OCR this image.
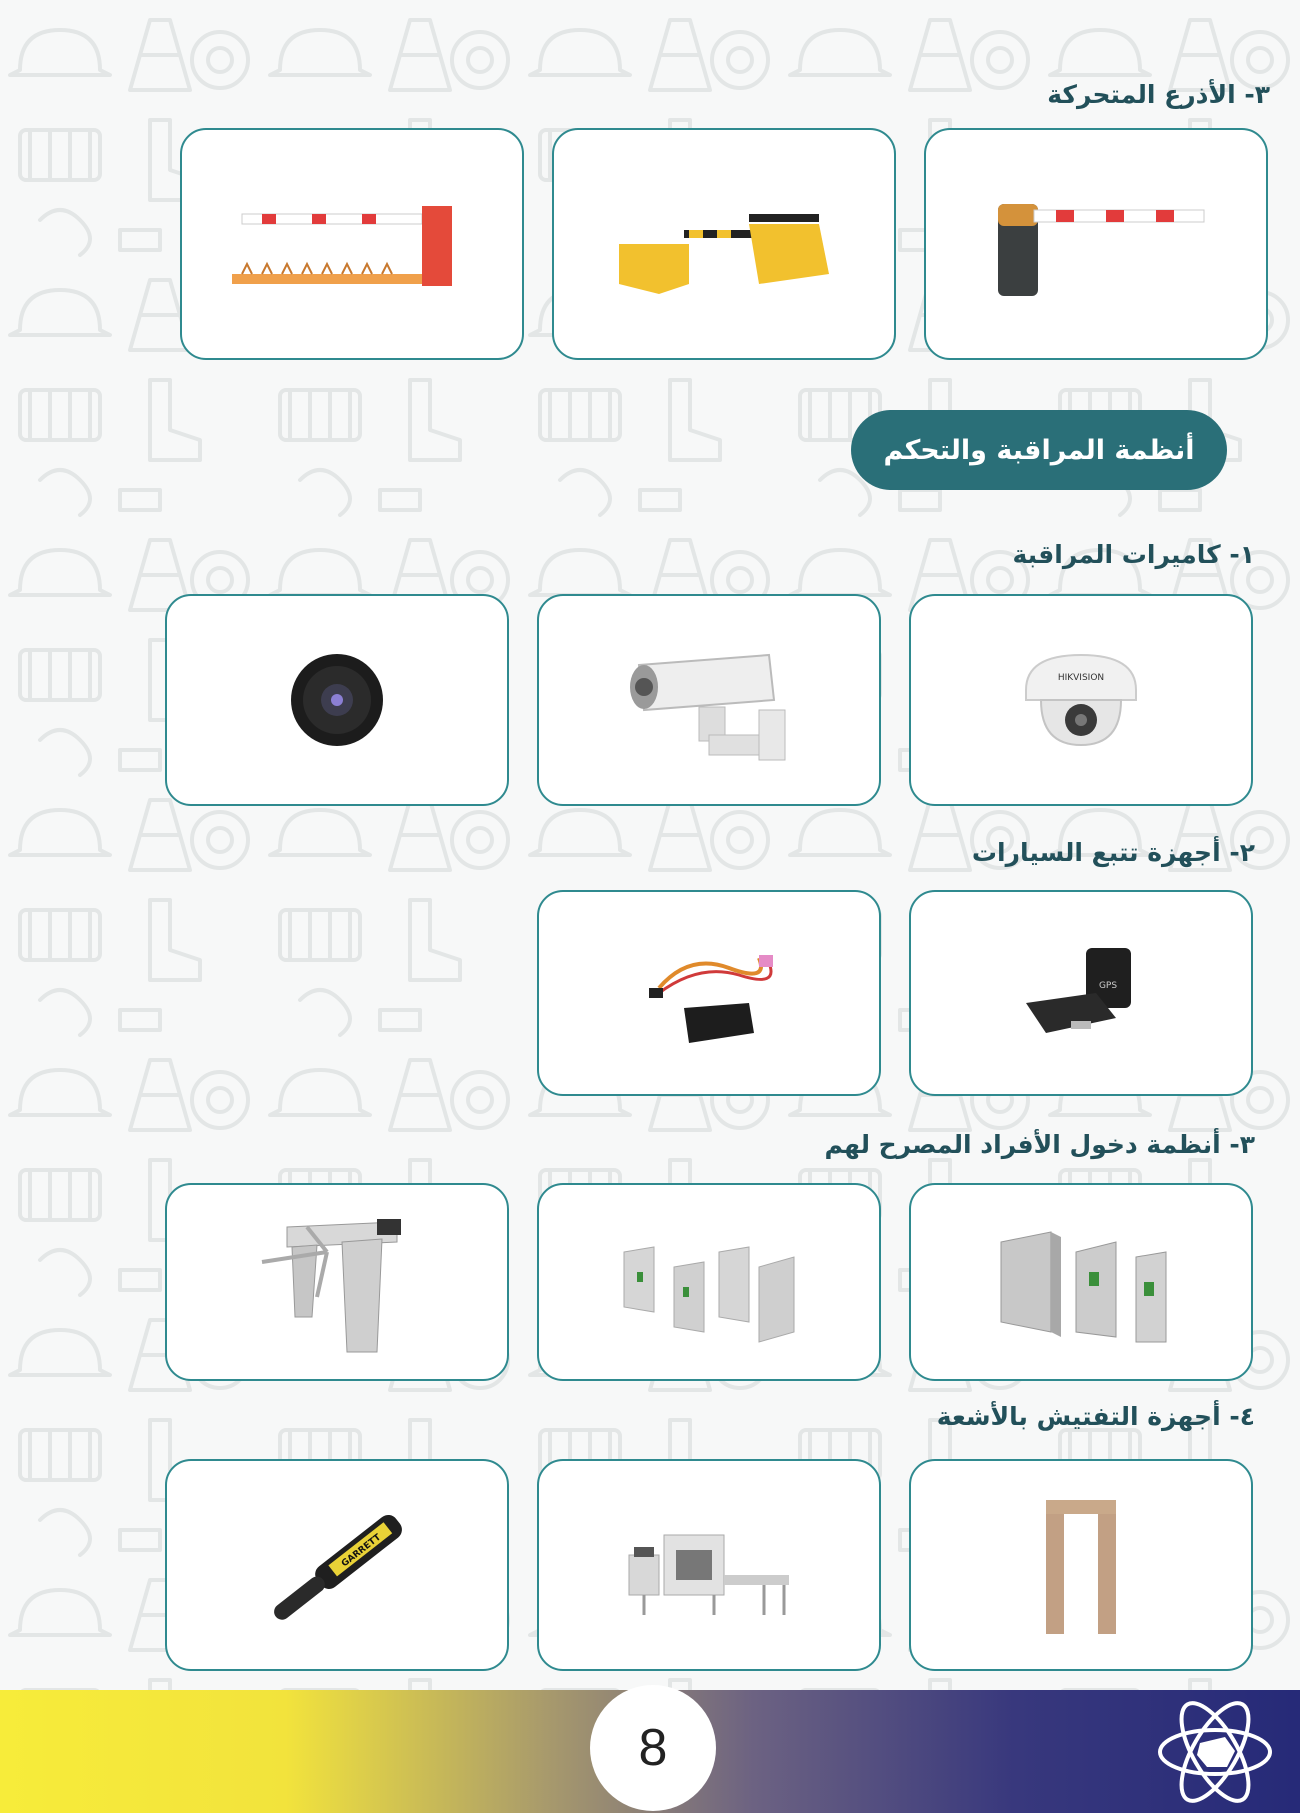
٣- الأذرع المتحركة
أنظمة المراقبة والتحكم
١- كاميرات المراقبة
HIKVISION
٢- أجهزة تتبع السيارات
GPS
٣- أنظمة دخول الأفراد المصرح لهم
٤- أجهزة التفتيش بالأشعة
GARRETT
8
